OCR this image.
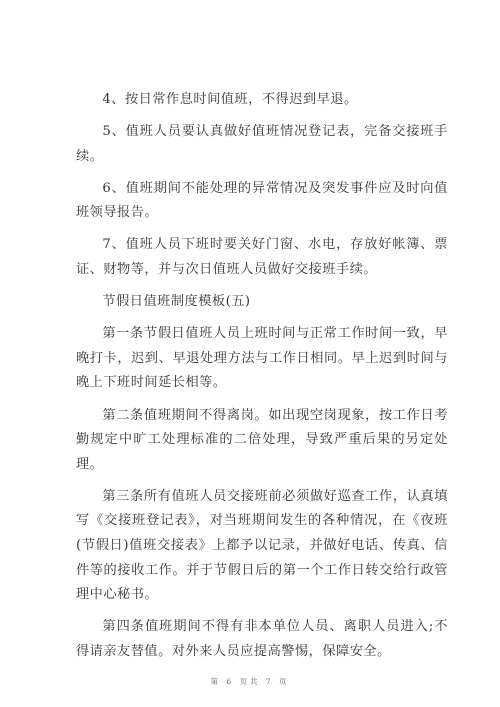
4、按日常作息时间值班，不得迟到早退。

5、值班人员要认真做好值班情况登记表，完备交接班手续。

6、值班期间不能处理的异常情况及突发事件应及时向值班领导报告。

7、值班人员下班时要关好门窗、水电，存放好帐簿、票证、财物等，并与次日值班人员做好交接班手续。

节假日值班制度模板(五)

第一条节假日值班人员上班时间与正常工作时间一致，早晚打卡，迟到、早退处理方法与工作日相同。早上迟到时间与晚上下班时间延长相等。

第二条值班期间不得离岗。如出现空岗现象，按工作日考勤规定中旷工处理标准的二倍处理，导致严重后果的另定处理。

第三条所有值班人员交接班前必须做好巡查工作，认真填写《交接班登记表》，对当班期间发生的各种情况，在《夜班(节假日)值班交接表》上都予以记录，并做好电话、传真、信件等的接收工作。并于节假日后的第一个工作日转交给行政管理中心秘书。

第四条值班期间不得有非本单位人员、离职人员进入;不得请亲友替值。对外来人员应提高警惕，保障安全。

第 6 页共 7 页
